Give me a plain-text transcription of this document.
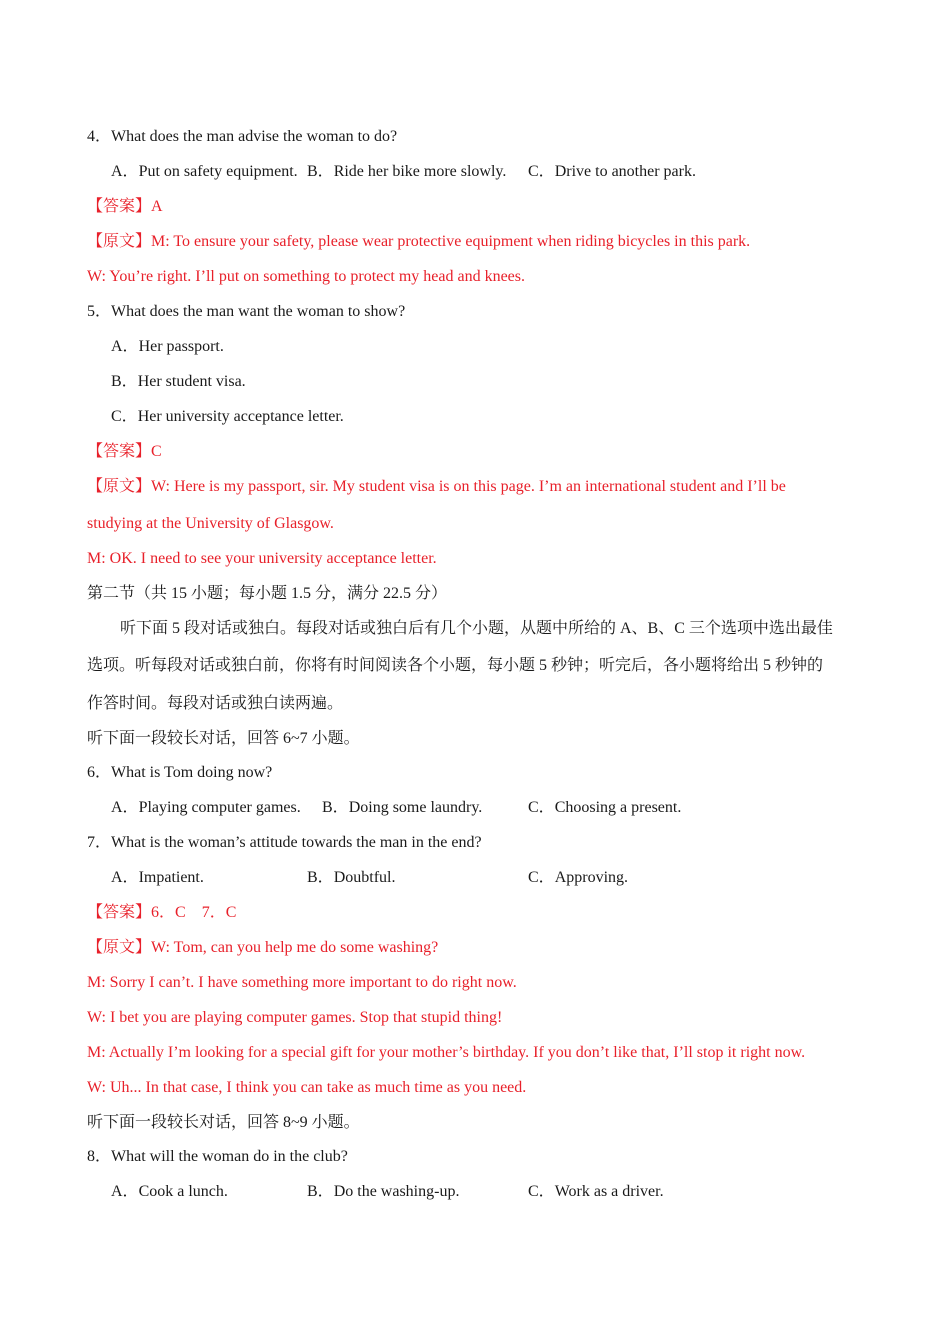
4．What does the man advise the woman to do?
A．Put on safety equipment. B．Ride her bike more slowly. C．Drive to another park.
【答案】A
【原文】M: To ensure your safety, please wear protective equipment when riding bicycles in this park.
W: You’re right. I’ll put on something to protect my head and knees.
5．What does the man want the woman to show?
A．Her passport.
B．Her student visa.
C．Her university acceptance letter.
【答案】C
【原文】W: Here is my passport, sir. My student visa is on this page. I’m an international student and I’ll be
studying at the University of Glasgow.
M: OK. I need to see your university acceptance letter.
第二节（共 15 小题；每小题 1.5 分，满分 22.5 分）
听下面 5 段对话或独白。每段对话或独白后有几个小题，从题中所给的 A、B、C 三个选项中选出最佳
选项。听每段对话或独白前，你将有时间阅读各个小题，每小题 5 秒钟；听完后，各小题将给出 5 秒钟的
作答时间。每段对话或独白读两遍。
听下面一段较长对话，回答 6~7 小题。
6．What is Tom doing now?
A．Playing computer games. B．Doing some laundry.	C．Choosing a present.
7．What is the woman’s attitude towards the man in the end?
A．Impatient.	B．Doubtful.	C．Approving.
【答案】6．C　7．C
【原文】W: Tom, can you help me do some washing?
M: Sorry I can’t. I have something more important to do right now.
W: I bet you are playing computer games. Stop that stupid thing!
M: Actually I’m looking for a special gift for your mother’s birthday. If you don’t like that, I’ll stop it right now.
W: Uh... In that case, I think you can take as much time as you need.
听下面一段较长对话，回答 8~9 小题。
8．What will the woman do in the club?
A．Cook a lunch.	B．Do the washing-up.	C．Work as a driver.
